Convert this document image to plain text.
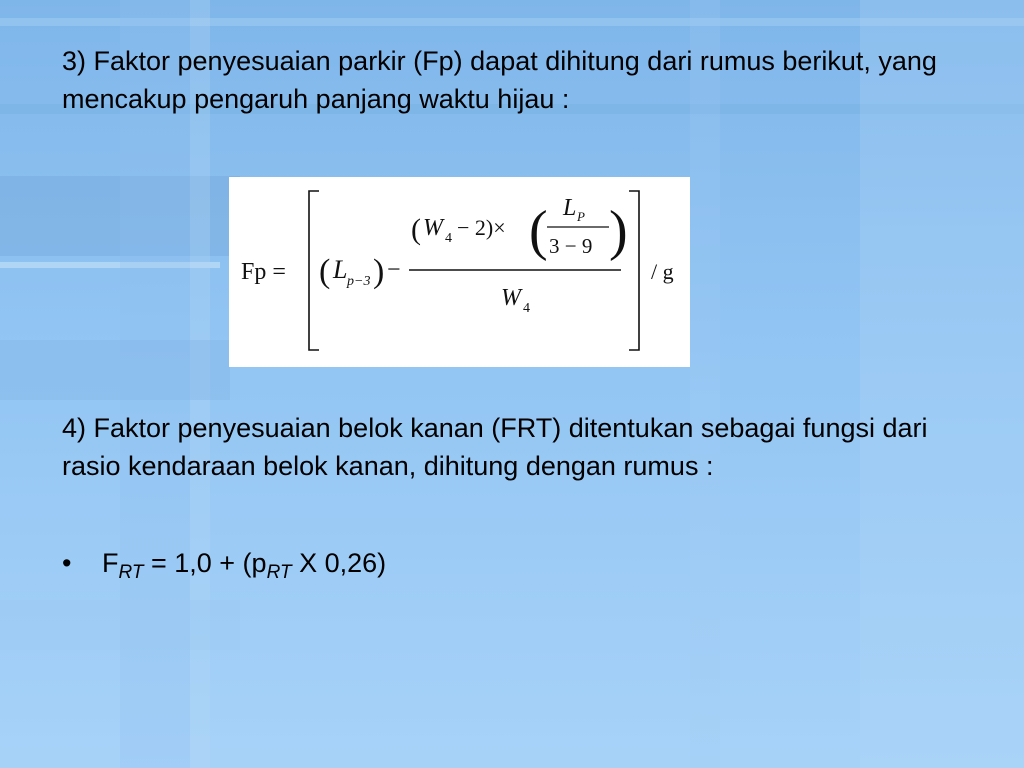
3) Faktor penyesuaian parkir (Fp) dapat dihitung dari rumus berikut, yang mencakup pengaruh panjang waktu hijau :
Fp = ( L p−3 ) −
( W 4 − 2)× ( L P
3 − 9 )
W 4
/ g
4) Faktor penyesuaian belok kanan (FRT) ditentukan sebagai fungsi dari rasio kendaraan belok kanan, dihitung dengan rumus :
•	$F_{RT} = 1,0 + (p_{RT}$ X 0,26)
